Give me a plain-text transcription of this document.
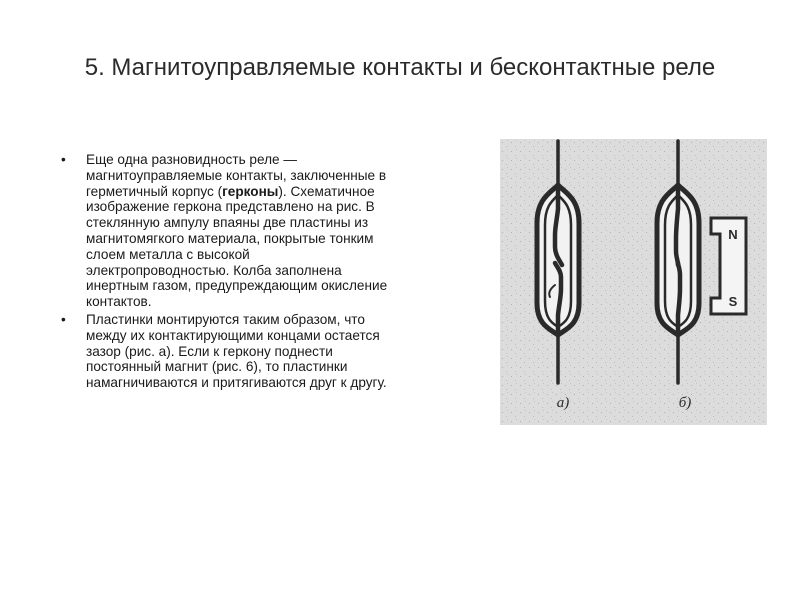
5. Магнитоуправляемые контакты и бесконтактные реле
• Еще одна разновидность реле — магнитоуправляемые контакты, заключенные в герметичный корпус (герконы). Схематичное изображение геркона представлено на рис. В стеклянную ампулу впаяны две пластины из магнитомягкого материала, покрытые тонким слоем металла с высокой электропроводностью. Колба заполнена инертным газом, предупреждающим окисление контактов.
• Пластинки монтируются таким образом, что между их контактирующими концами остается зазор (рис. а). Если к геркону поднести постоянный магнит (рис. 6), то пластинки намагничиваются и притягиваются друг к другу.
N
S
а)	б)
